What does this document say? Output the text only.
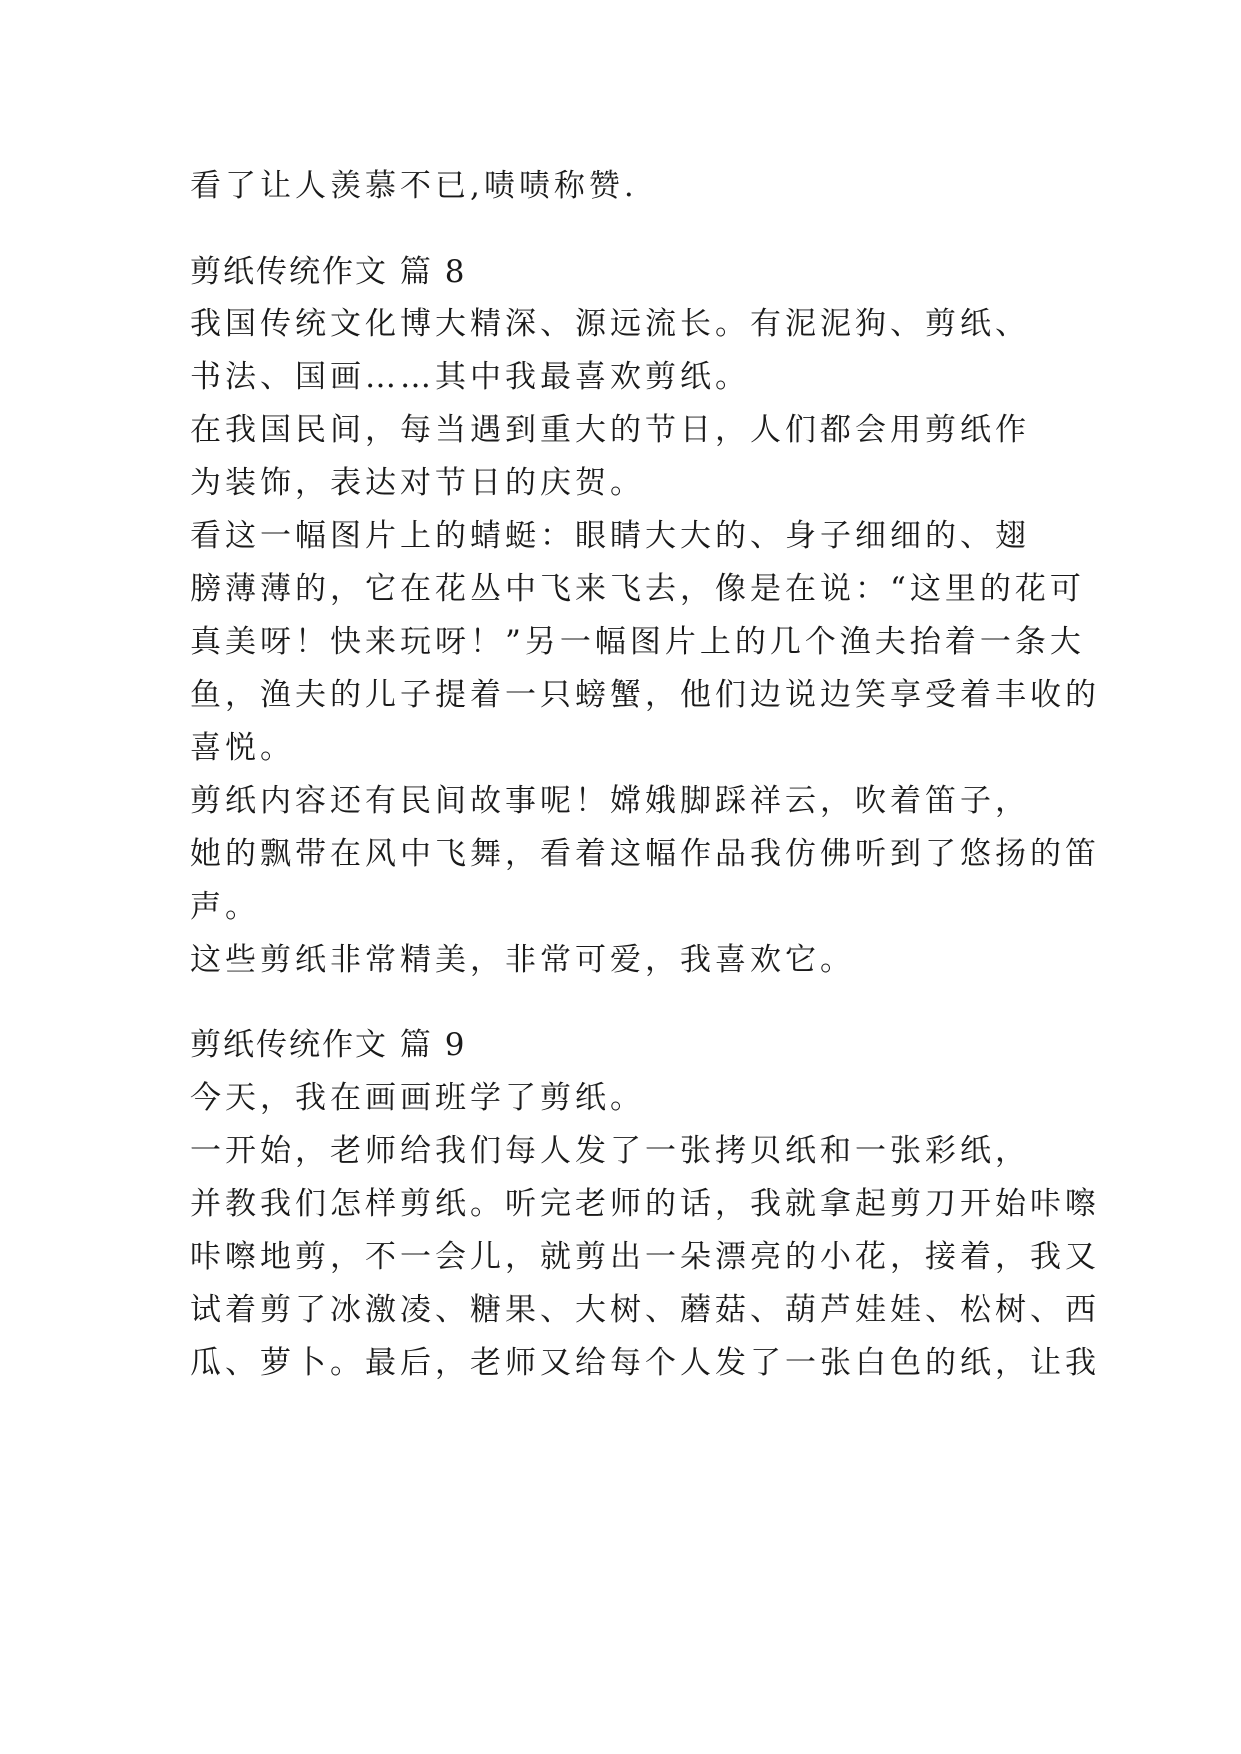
看了让人羡慕不已,啧啧称赞.

剪纸传统作文 篇 8

我国传统文化博大精深、源远流长。有泥泥狗、剪纸、

书法、国画……其中我最喜欢剪纸。

在我国民间，每当遇到重大的节日，人们都会用剪纸作

为装饰，表达对节日的庆贺。

看这一幅图片上的蜻蜓：眼睛大大的、身子细细的、翅

膀薄薄的，它在花丛中飞来飞去，像是在说：“这里的花可

真美呀！快来玩呀！”另一幅图片上的几个渔夫抬着一条大

鱼，渔夫的儿子提着一只螃蟹，他们边说边笑享受着丰收的

喜悦。

剪纸内容还有民间故事呢！嫦娥脚踩祥云，吹着笛子，

她的飘带在风中飞舞，看着这幅作品我仿佛听到了悠扬的笛

声。

这些剪纸非常精美，非常可爱，我喜欢它。

剪纸传统作文 篇 9

今天，我在画画班学了剪纸。

一开始，老师给我们每人发了一张拷贝纸和一张彩纸，

并教我们怎样剪纸。听完老师的话，我就拿起剪刀开始咔嚓

咔嚓地剪，不一会儿，就剪出一朵漂亮的小花，接着，我又

试着剪了冰激凌、糖果、大树、蘑菇、葫芦娃娃、松树、西

瓜、萝卜。最后，老师又给每个人发了一张白色的纸，让我
